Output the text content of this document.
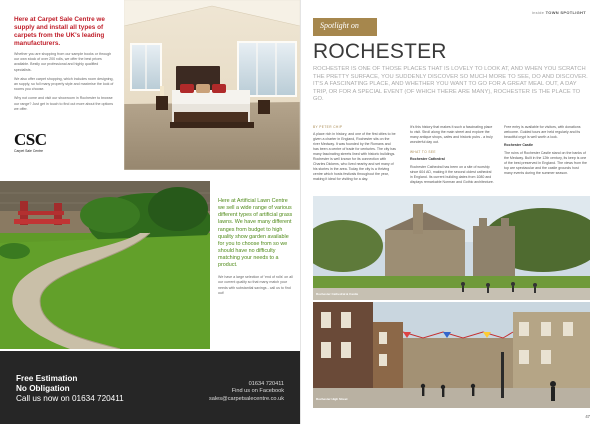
Here at Carpet Sale Centre we supply and install all types of carpets from the UK's leading manufacturers.

Whether you are shopping from our sample books or through our own stock of over 200 rolls, we offer the best prices available. Bestly our professional and highly qualified specialists.

We also offer carpet shopping, which includes room designing, an supply, so full many properly style and maximise the look of rooms you choose.

Why not come and visit our showroom in Rochester to browse our range? Just get in touch to find out more about the options we offer.

CSC
Carpet Sale Centre
Here at Artificial Lawn Centre we sell a wide range of various different types of artificial grass lawns. We have many different ranges from budget to high quality show garden available for you to choose from so we should have no difficulty matching your needs to a product.

We have a large selection of 'end of rolls' on all our current quality so that many match your needs with substantial savings - call us to find out!

Free Estimation
No Obligation
Call us now on 01634 720411
01634 720411
Find us on Facebook
sales@carpetsalecentre.co.uk
inside TOWN SPOTLIGHT
Spotlight on
ROCHESTER
ROCHESTER IS ONE OF THOSE PLACES THAT IS LOVELY TO LOOK AT, AND WHEN YOU SCRATCH THE PRETTY SURFACE, YOU SUDDENLY DISCOVER SO MUCH MORE TO SEE, DO AND DISCOVER. IT'S A FASCINATING PLACE, AND WHETHER YOU WANT TO GO FOR A GREAT MEAL OUT, A DAY TRIP, OR FOR A SPECIAL EVENT (OF WHICH THERE ARE MANY), ROCHESTER IS THE PLACE TO GO.
BY PETER CHIP

A place rich in history, and one of the first cities to be given a charter in England, Rochester sits on the river Medway. It was founded by the Romans and has been a centre of trade for centuries. The city has many fascinating streets lined with historic buildings. Rochester is well known for its connection with Charles Dickens, who lived nearby and set many of his stories in the area. Today the city is a thriving centre which hosts festivals throughout the year, making it ideal for visiting for a day.

It's this history that makes it such a fascinating place to visit. Stroll along the main street and explore the many antique shops, cafes and historic pubs - a truly wonderful day out.

WHAT TO SEE

Rochester Cathedral

Rochester Cathedral has been on a site of worship since 604 AD, making it the second oldest cathedral in England. Its current building dates from 1080 and displays remarkable Norman and Gothic architecture.

Free entry is available for visitors, with donations welcome. Guided tours are held regularly and its beautiful crypt is well worth a look.

Rochester Castle

The ruins of Rochester Castle stand on the banks of the Medway. Built in the 12th century, its keep is one of the best preserved in England. The views from the top are spectacular and the castle grounds host many events during the summer season.

Rochester Cathedral & Castle
Rochester High Street
47
